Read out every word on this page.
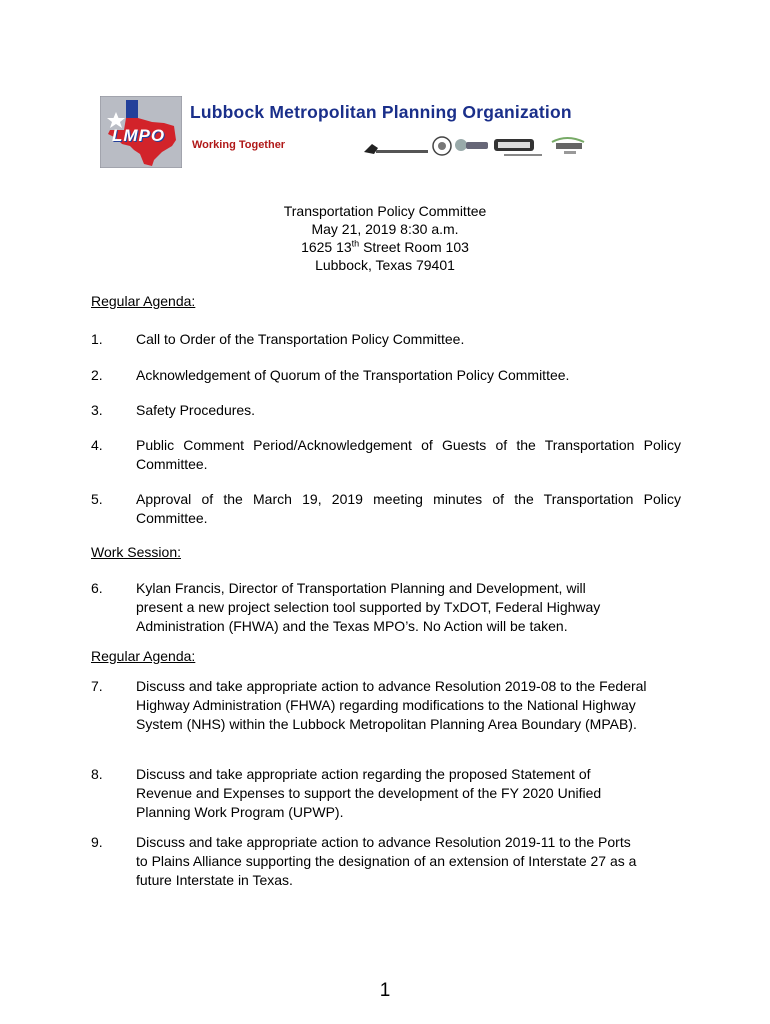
LMPO
Lubbock Metropolitan Planning Organization
Working Together
Transportation Policy Committee
May 21, 2019 8:30 a.m.
1625 13th Street Room 103
Lubbock, Texas 79401
Regular Agenda:
1. Call to Order of the Transportation Policy Committee.
2. Acknowledgement of Quorum of the Transportation Policy Committee.
3. Safety Procedures.
4. Public Comment Period/Acknowledgement of Guests of the Transportation Policy Committee.
5. Approval of the March 19, 2019 meeting minutes of the Transportation Policy Committee.
Work Session:
6. Kylan Francis, Director of Transportation Planning and Development, will present a new project selection tool supported by TxDOT, Federal Highway Administration (FHWA) and the Texas MPO’s. No Action will be taken.
Regular Agenda:
7. Discuss and take appropriate action to advance Resolution 2019-08 to the Federal Highway Administration (FHWA) regarding modifications to the National Highway System (NHS) within the Lubbock Metropolitan Planning Area Boundary (MPAB).
8. Discuss and take appropriate action regarding the proposed Statement of Revenue and Expenses to support the development of the FY 2020 Unified Planning Work Program (UPWP).
9. Discuss and take appropriate action to advance Resolution 2019-11 to the Ports to Plains Alliance supporting the designation of an extension of Interstate 27 as a future Interstate in Texas.
1
